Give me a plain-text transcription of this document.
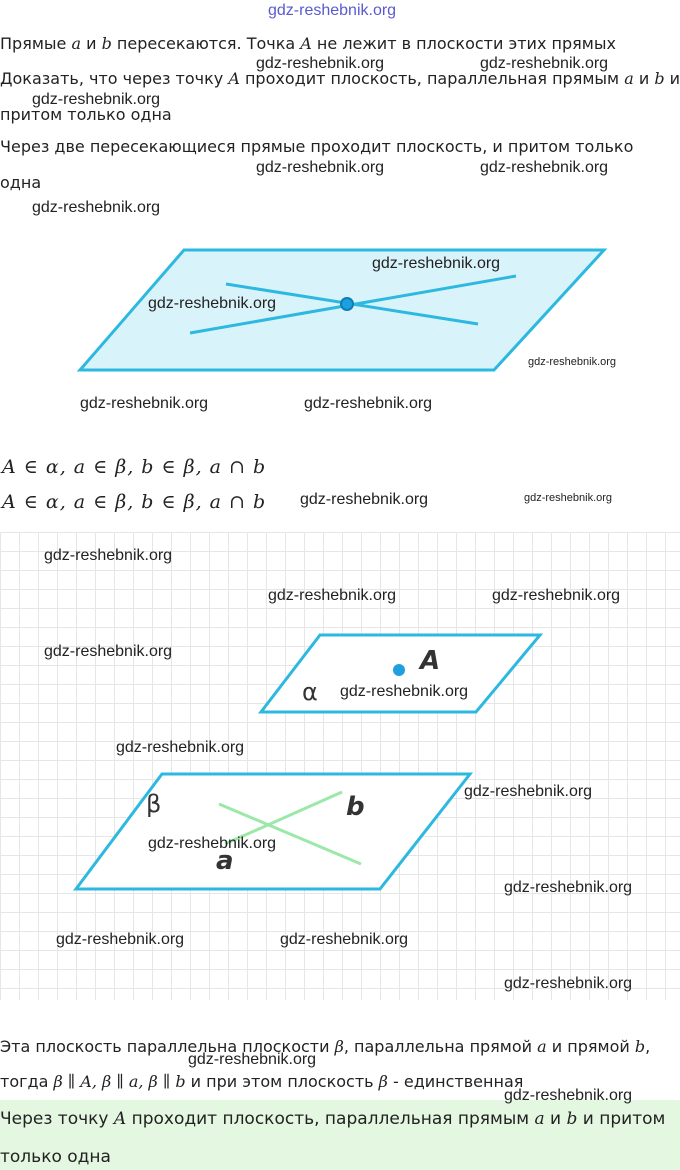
gdz-reshebnik.org
Прямые a и b пересекаются. Точка A не лежит в плоскости этих прямых
Доказать, что через точку A проходит плоскость, параллельная прямым a и b и
притом только одна
Через две пересекающиеся прямые проходит плоскость, и притом только
одна
gdz-reshebnik.org	gdz-reshebnik.org
gdz-reshebnik.org
gdz-reshebnik.org	gdz-reshebnik.org
gdz-reshebnik.org
gdz-reshebnik.org
gdz-reshebnik.org
gdz-reshebnik.org
gdz-reshebnik.org	gdz-reshebnik.org
A ∈ α, a ∈ β, b ∈ β, a ∩ b
A ∈ α, a ∈ β, b ∈ β, a ∩ b gdz-reshebnik.org	gdz-reshebnik.org
A
α
β	b
a
gdz-reshebnik.org
gdz-reshebnik.org	gdz-reshebnik.org
gdz-reshebnik.org
gdz-reshebnik.org
gdz-reshebnik.org
gdz-reshebnik.org
gdz-reshebnik.org
gdz-reshebnik.org
gdz-reshebnik.org	gdz-reshebnik.org
gdz-reshebnik.org
Эта плоскость параллельна плоскости β, параллельна прямой a и прямой b,
gdz-reshebnik.org
тогда β ∥ A, β ∥ a, β ∥ b и при этом плоскость β - единственная
gdz-reshebnik.org
Через точку A проходит плоскость, параллельная прямым a и b и притом
только одна
